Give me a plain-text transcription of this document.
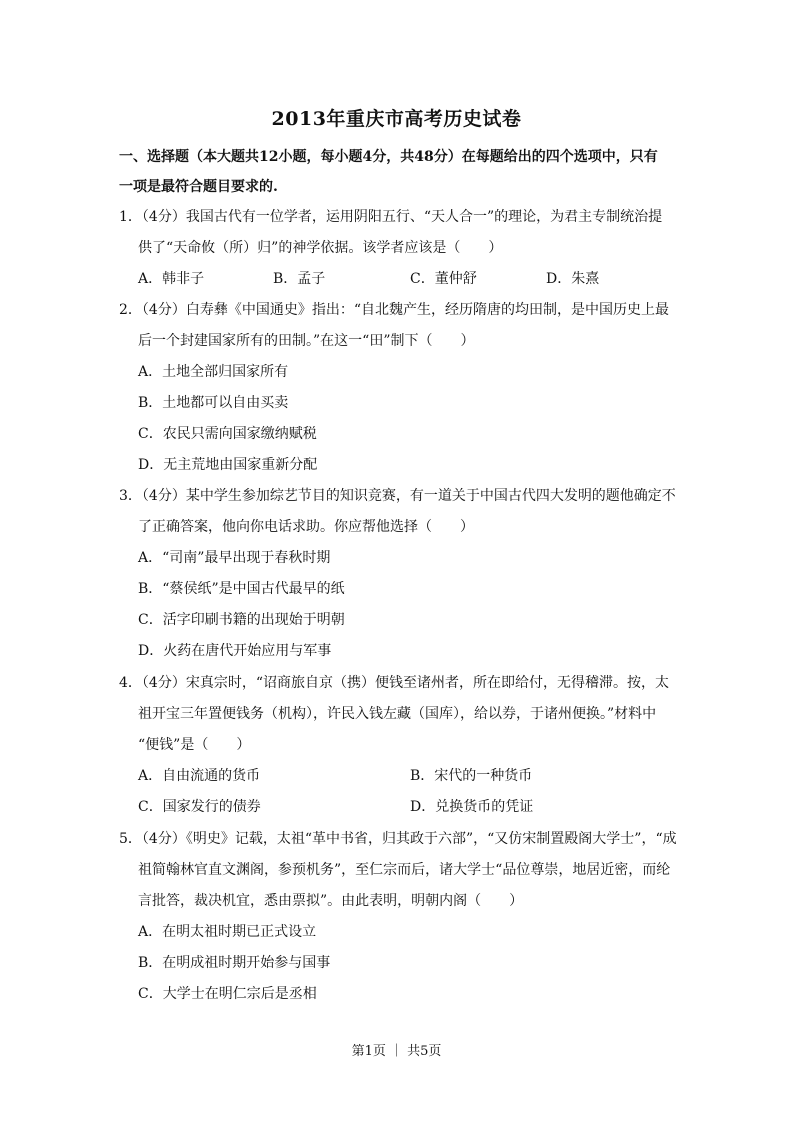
2013年重庆市高考历史试卷
一、选择题（本大题共12小题，每小题4分，共48分）在每题给出的四个选项中，只有
一项是最符合题目要求的.
1．（4分）我国古代有一位学者，运用阴阳五行、“天人合一”的理论，为君主专制统治提
供了“天命攸（所）归”的神学依据。该学者应该是（　　）
A．韩非子	B．孟子	C．董仲舒	D．朱熹
2．（4分）白寿彝《中国通史》指出：“自北魏产生，经历隋唐的均田制，是中国历史上最
后一个封建国家所有的田制。”在这一“田”制下（　　）
A．土地全部归国家所有
B．土地都可以自由买卖
C．农民只需向国家缴纳赋税
D．无主荒地由国家重新分配
3．（4分）某中学生参加综艺节目的知识竞赛，有一道关于中国古代四大发明的题他确定不
了正确答案，他向你电话求助。你应帮他选择（　　）
A．“司南”最早出现于春秋时期
B．“蔡侯纸”是中国古代最早的纸
C．活字印刷书籍的出现始于明朝
D．火药在唐代开始应用与军事
4．（4分）宋真宗时，“诏商旅自京（携）便钱至诸州者，所在即给付，无得稽滞。按，太
祖开宝三年置便钱务（机构），许民入钱左藏（国库），给以券，于诸州便换。”材料中
“便钱”是（　　）
A．自由流通的货币	B．宋代的一种货币
C．国家发行的债券	D．兑换货币的凭证
5．（4分）《明史》记载，太祖“革中书省，归其政于六部”，“又仿宋制置殿阁大学士”，“成
祖简翰林官直文渊阁，参预机务”，至仁宗而后，诸大学士“品位尊崇，地居近密，而纶
言批答，裁决机宜，悉由票拟”。由此表明，明朝内阁（　　）
A．在明太祖时期已正式设立
B．在明成祖时期开始参与国事
C．大学士在明仁宗后是丞相
第1页 ｜ 共5页
